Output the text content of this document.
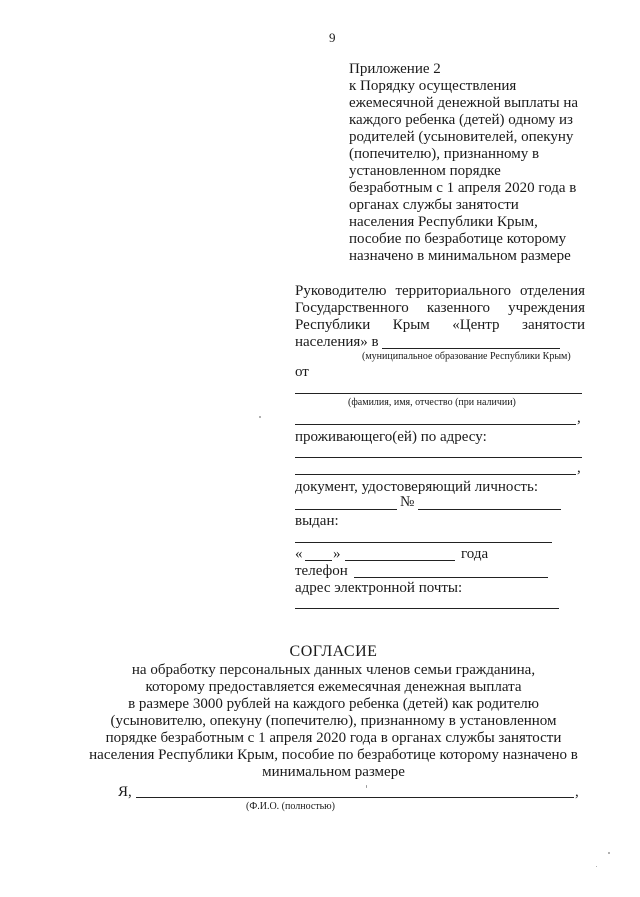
9
Приложение 2
к Порядку осуществления
ежемесячной денежной выплаты на
каждого ребенка (детей) одному из
родителей (усыновителей, опекуну
(попечителю), признанному в
установленном порядке
безработным с 1 апреля 2020 года в
органах службы занятости
населения Республики Крым,
пособие по безработице которому
назначено в минимальном размере
Руководителю территориального отделения
Государственного казенного учреждения
Республики Крым «Центр занятости
населения» в
(муниципальное образование Республики Крым)
от
(фамилия, имя, отчество (при наличии)
,
проживающего(ей) по адресу:
,
документ, удостоверяющий личность:
№
выдан:
« »	года
телефон
адрес электронной почты:
СОГЛАСИЕ
на обработку персональных данных членов семьи гражданина,
которому предоставляется ежемесячная денежная выплата
в размере 3000 рублей на каждого ребенка (детей) как родителю
(усыновителю, опекуну (попечителю), признанному в установленном
порядке безработным с 1 апреля 2020 года в органах службы занятости
населения Республики Крым, пособие по безработице которому назначено в
минимальном размере
Я,	,
(Ф.И.О. (полностью)
